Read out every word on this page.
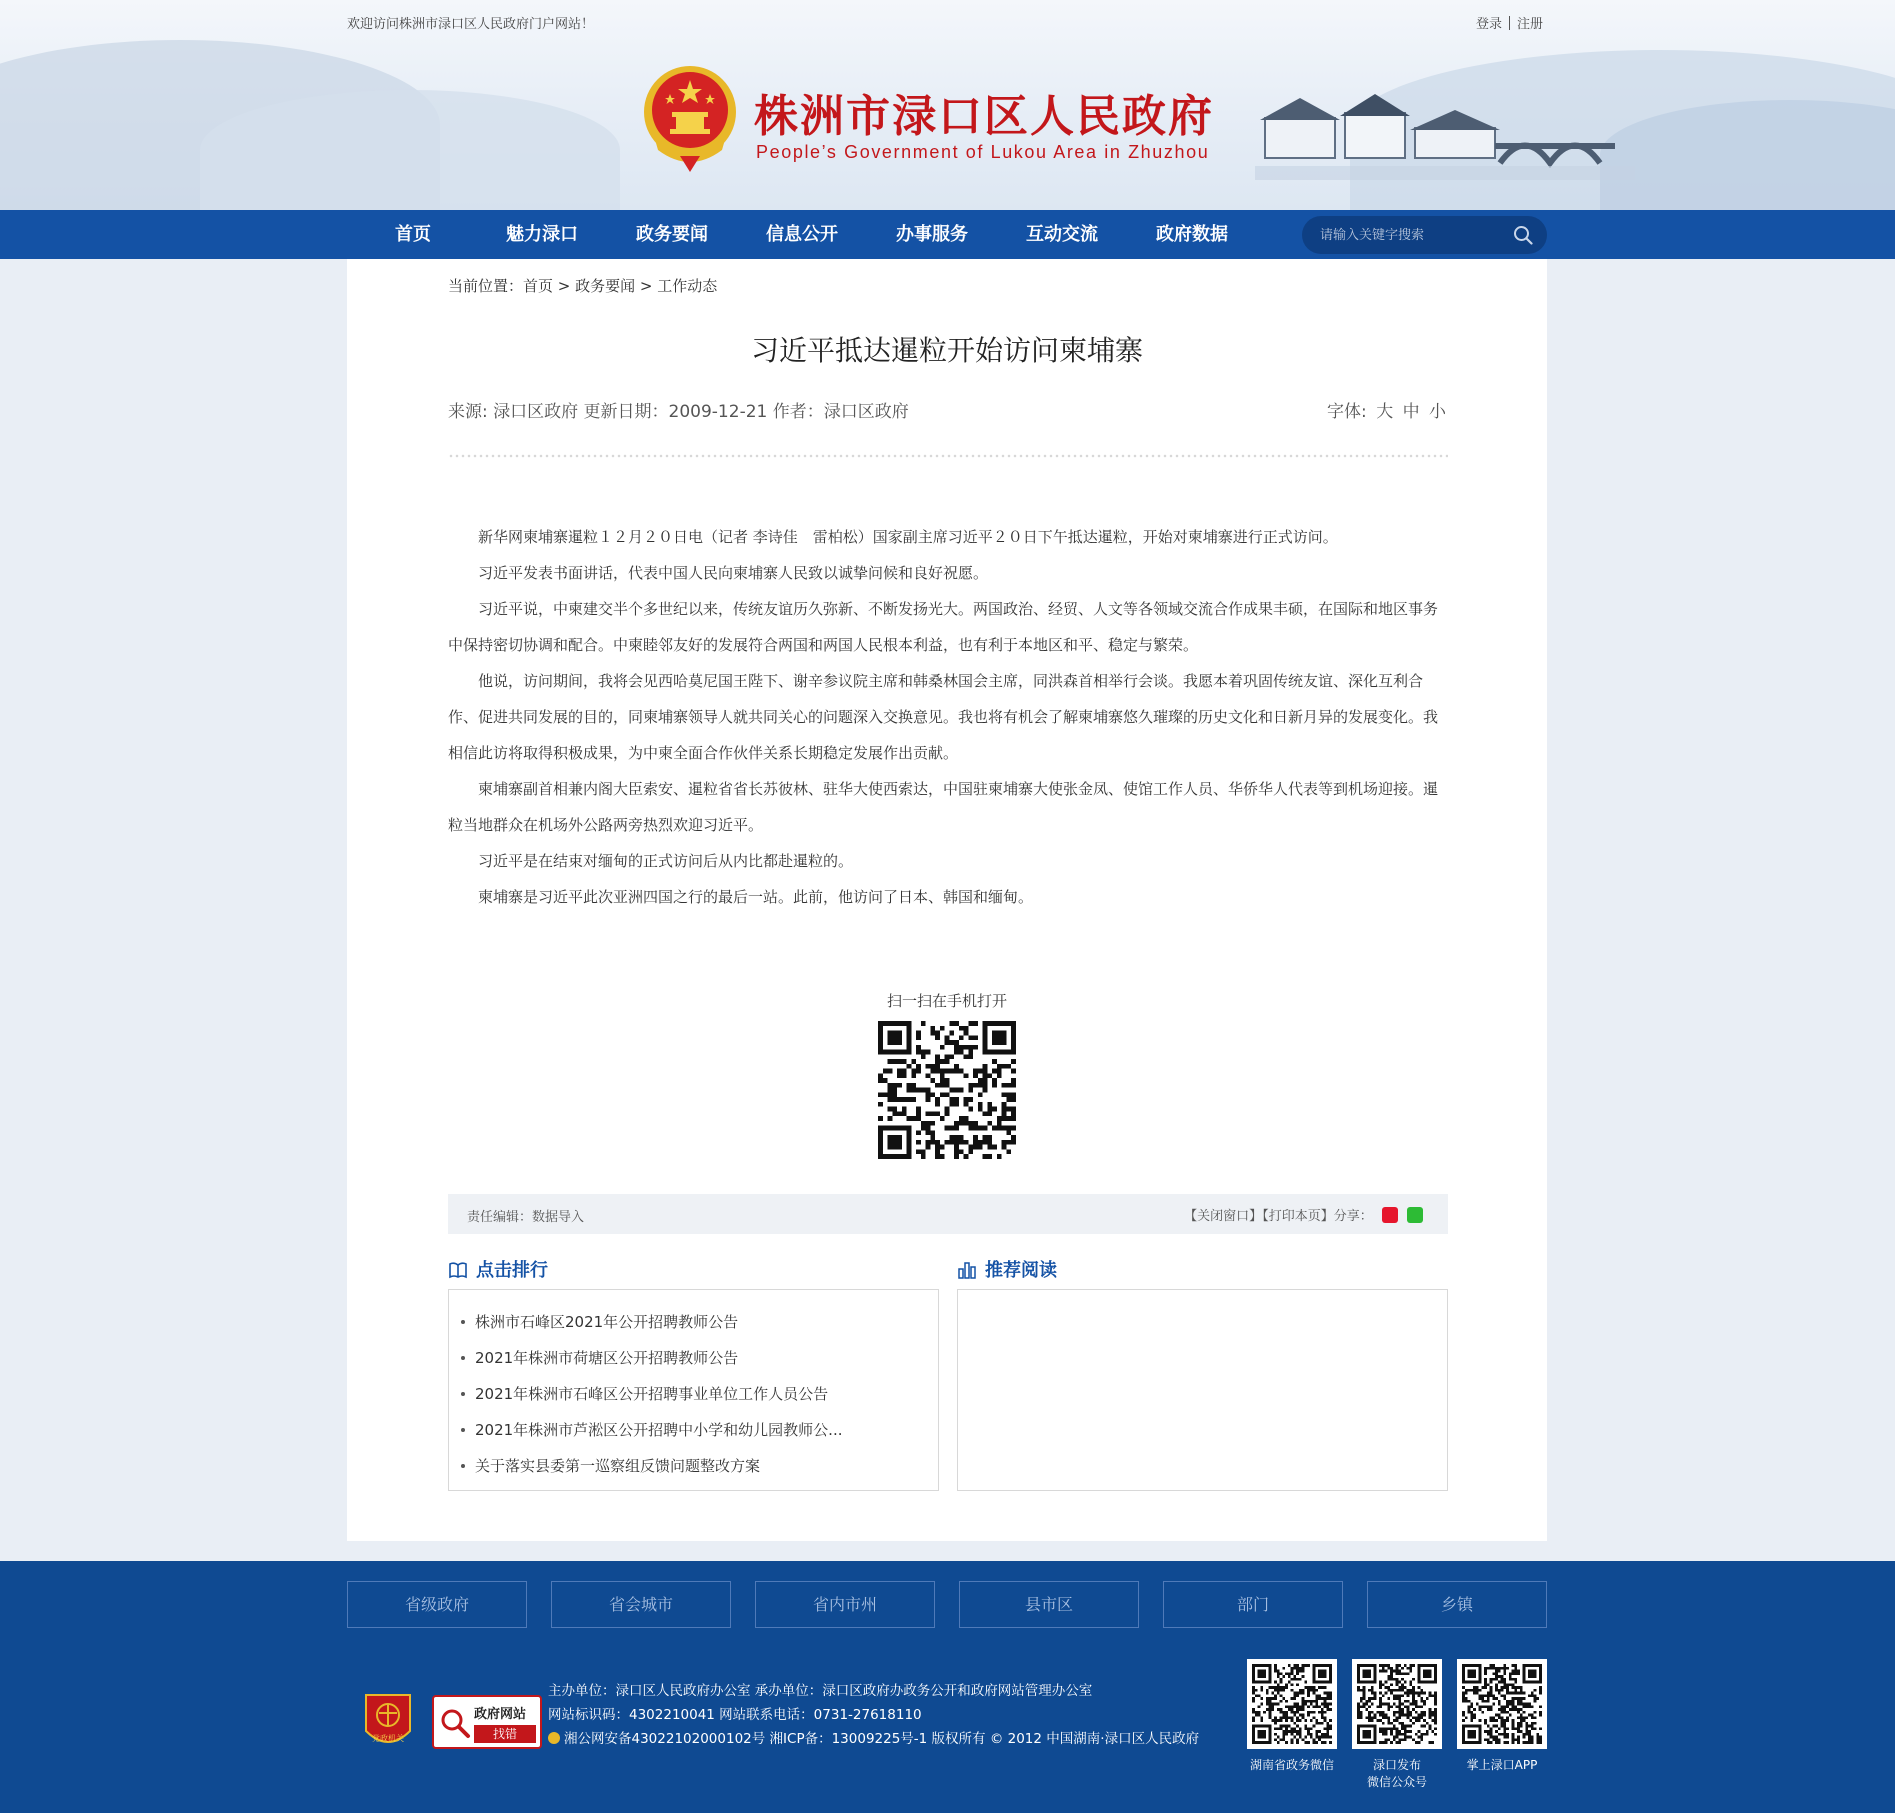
欢迎访问株洲市渌口区人民政府门户网站！	登录 注册
株洲市渌口区人民政府
People’s Government of Lukou Area in Zhuzhou
首页	魅力渌口	政务要闻	信息公开	办事服务	互动交流	政府数据
请输入关键字搜索
当前位置：首页 > 政务要闻 > 工作动态
习近平抵达暹粒开始访问柬埔寨
来源: 渌口区政府 更新日期：2009-12-21 作者：渌口区政府	字体: 大 中 小

新华网柬埔寨暹粒１２月２０日电（记者 李诗佳　雷柏松）国家副主席习近平２０日下午抵达暹粒，开始对柬埔寨进行正式访问。

习近平发表书面讲话，代表中国人民向柬埔寨人民致以诚挚问候和良好祝愿。

习近平说，中柬建交半个多世纪以来，传统友谊历久弥新、不断发扬光大。两国政治、经贸、人文等各领域交流合作成果丰硕，在国际和地区事务中保持密切协调和配合。中柬睦邻友好的发展符合两国和两国人民根本利益，也有利于本地区和平、稳定与繁荣。

他说，访问期间，我将会见西哈莫尼国王陛下、谢辛参议院主席和韩桑林国会主席，同洪森首相举行会谈。我愿本着巩固传统友谊、深化互利合作、促进共同发展的目的，同柬埔寨领导人就共同关心的问题深入交换意见。我也将有机会了解柬埔寨悠久璀璨的历史文化和日新月异的发展变化。我相信此访将取得积极成果，为中柬全面合作伙伴关系长期稳定发展作出贡献。

柬埔寨副首相兼内阁大臣索安、暹粒省省长苏彼林、驻华大使西索达，中国驻柬埔寨大使张金凤、使馆工作人员、华侨华人代表等到机场迎接。暹粒当地群众在机场外公路两旁热烈欢迎习近平。

习近平是在结束对缅甸的正式访问后从内比都赴暹粒的。

柬埔寨是习近平此次亚洲四国之行的最后一站。此前，他访问了日本、韩国和缅甸。

扫一扫在手机打开
责任编辑：数据导入	【关闭窗口】【打印本页】分享：
点击排行
株洲市石峰区2021年公开招聘教师公告
2021年株洲市荷塘区公开招聘教师公告
2021年株洲市石峰区公开招聘事业单位工作人员公告
2021年株洲市芦淞区公开招聘中小学和幼儿园教师公...
关于落实县委第一巡察组反馈问题整改方案
推荐阅读
省级政府	省会城市	省内市州	县市区	部门	乡镇
党政机关
政府网站
找错
主办单位：渌口区人民政府办公室 承办单位：渌口区政府办政务公开和政府网站管理办公室
网站标识码：4302210041 网站联系电话：0731-27618110
湘公网安备43022102000102号 湘ICP备：13009225号-1 版权所有 © 2012 中国湖南·渌口区人民政府
湖南省政务微信	渌口发布
微信公众号
掌上渌口APP
